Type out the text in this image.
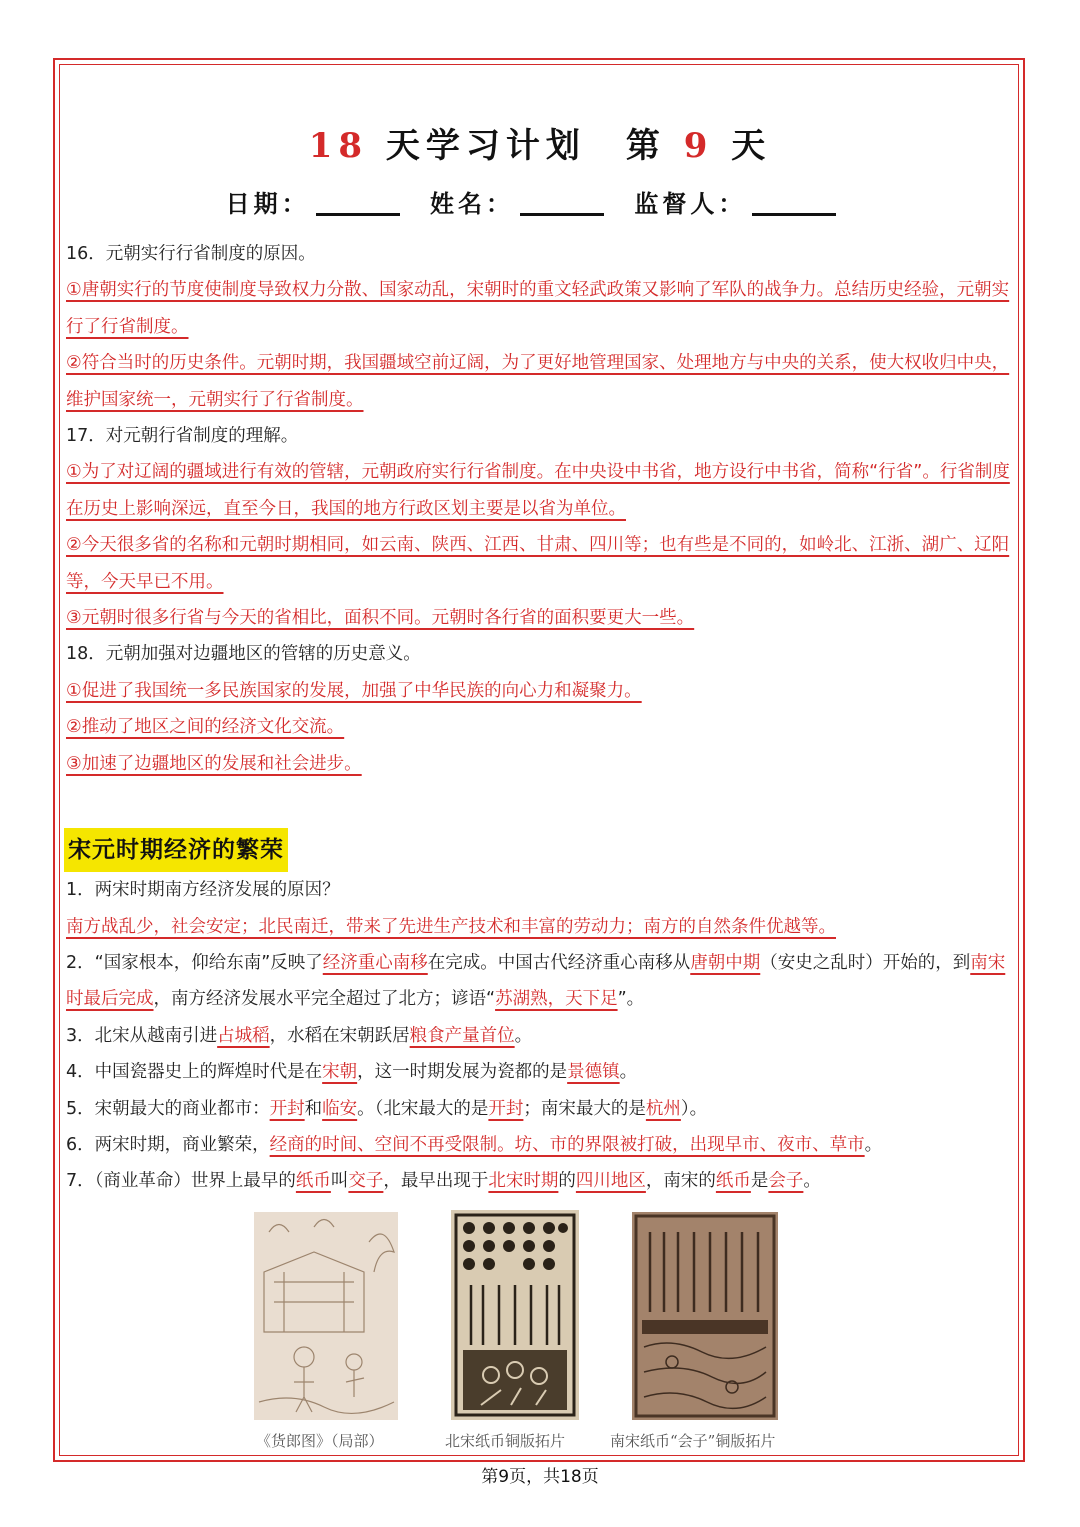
18 天学习计划 第 9 天
日期：	姓名：	监督人：

16．元朝实行行省制度的原因。

①唐朝实行的节度使制度导致权力分散、国家动乱，宋朝时的重文轻武政策又影响了军队的战争力。总结历史经验，元朝实行了行省制度。

②符合当时的历史条件。元朝时期，我国疆域空前辽阔，为了更好地管理国家、处理地方与中央的关系，使大权收归中央，维护国家统一，元朝实行了行省制度。

17．对元朝行省制度的理解。

①为了对辽阔的疆域进行有效的管辖，元朝政府实行行省制度。在中央设中书省，地方设行中书省，简称“行省”。行省制度在历史上影响深远，直至今日，我国的地方行政区划主要是以省为单位。

②今天很多省的名称和元朝时期相同，如云南、陕西、江西、甘肃、四川等；也有些是不同的，如岭北、江浙、湖广、辽阳等，今天早已不用。

③元朝时很多行省与今天的省相比，面积不同。元朝时各行省的面积要更大一些。

18．元朝加强对边疆地区的管辖的历史意义。

①促进了我国统一多民族国家的发展，加强了中华民族的向心力和凝聚力。

②推动了地区之间的经济文化交流。

③加速了边疆地区的发展和社会进步。

宋元时期经济的繁荣

1．两宋时期南方经济发展的原因？

南方战乱少，社会安定；北民南迁，带来了先进生产技术和丰富的劳动力；南方的自然条件优越等。

2．“国家根本，仰给东南”反映了经济重心南移在完成。中国古代经济重心南移从唐朝中期（安史之乱时）开始的，到南宋时最后完成，南方经济发展水平完全超过了北方；谚语“苏湖熟，天下足”。

3．北宋从越南引进占城稻，水稻在宋朝跃居粮食产量首位。

4．中国瓷器史上的辉煌时代是在宋朝，这一时期发展为瓷都的是景德镇。

5．宋朝最大的商业都市：开封和临安。（北宋最大的是开封；南宋最大的是杭州）。

6．两宋时期，商业繁荣，经商的时间、空间不再受限制。坊、市的界限被打破，出现早市、夜市、草市。

7．（商业革命）世界上最早的纸币叫交子，最早出现于北宋时期的四川地区，南宋的纸币是会子。

《货郎图》（局部）	北宋纸币铜版拓片	南宋纸币“会子”铜版拓片
第9页，共18页
